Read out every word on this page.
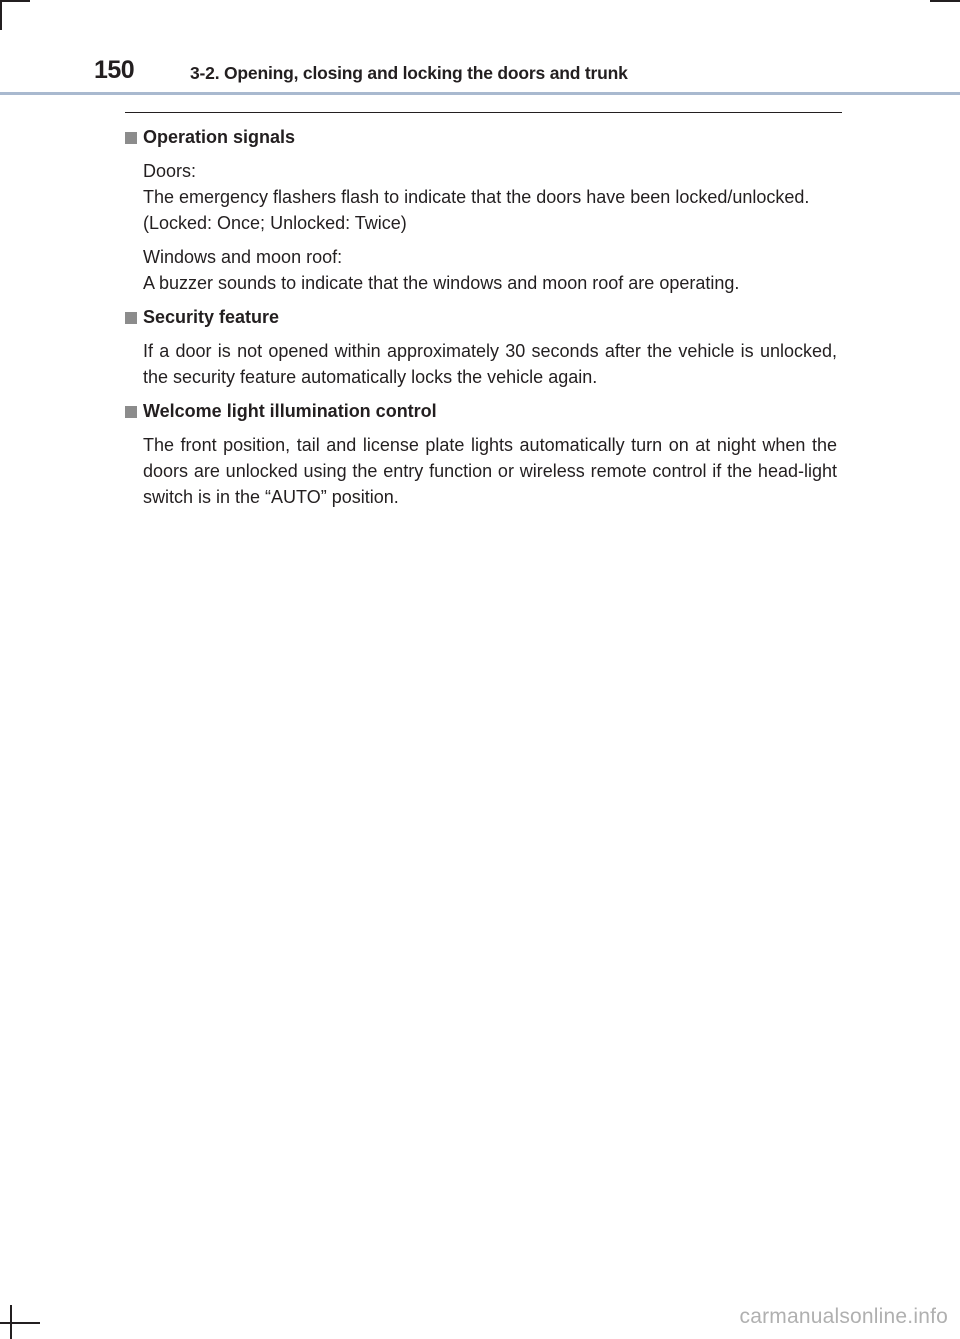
150	3-2. Opening, closing and locking the doors and trunk
Operation signals
Doors:
The emergency flashers flash to indicate that the doors have been locked/unlocked.
(Locked: Once; Unlocked: Twice)
Windows and moon roof:
A buzzer sounds to indicate that the windows and moon roof are operating.
Security feature
If a door is not opened within approximately 30 seconds after the vehicle is unlocked, the security feature automatically locks the vehicle again.
Welcome light illumination control
The front position, tail and license plate lights automatically turn on at night when the doors are unlocked using the entry function or wireless remote control if the head-light switch is in the “AUTO” position.
carmanualsonline.info
